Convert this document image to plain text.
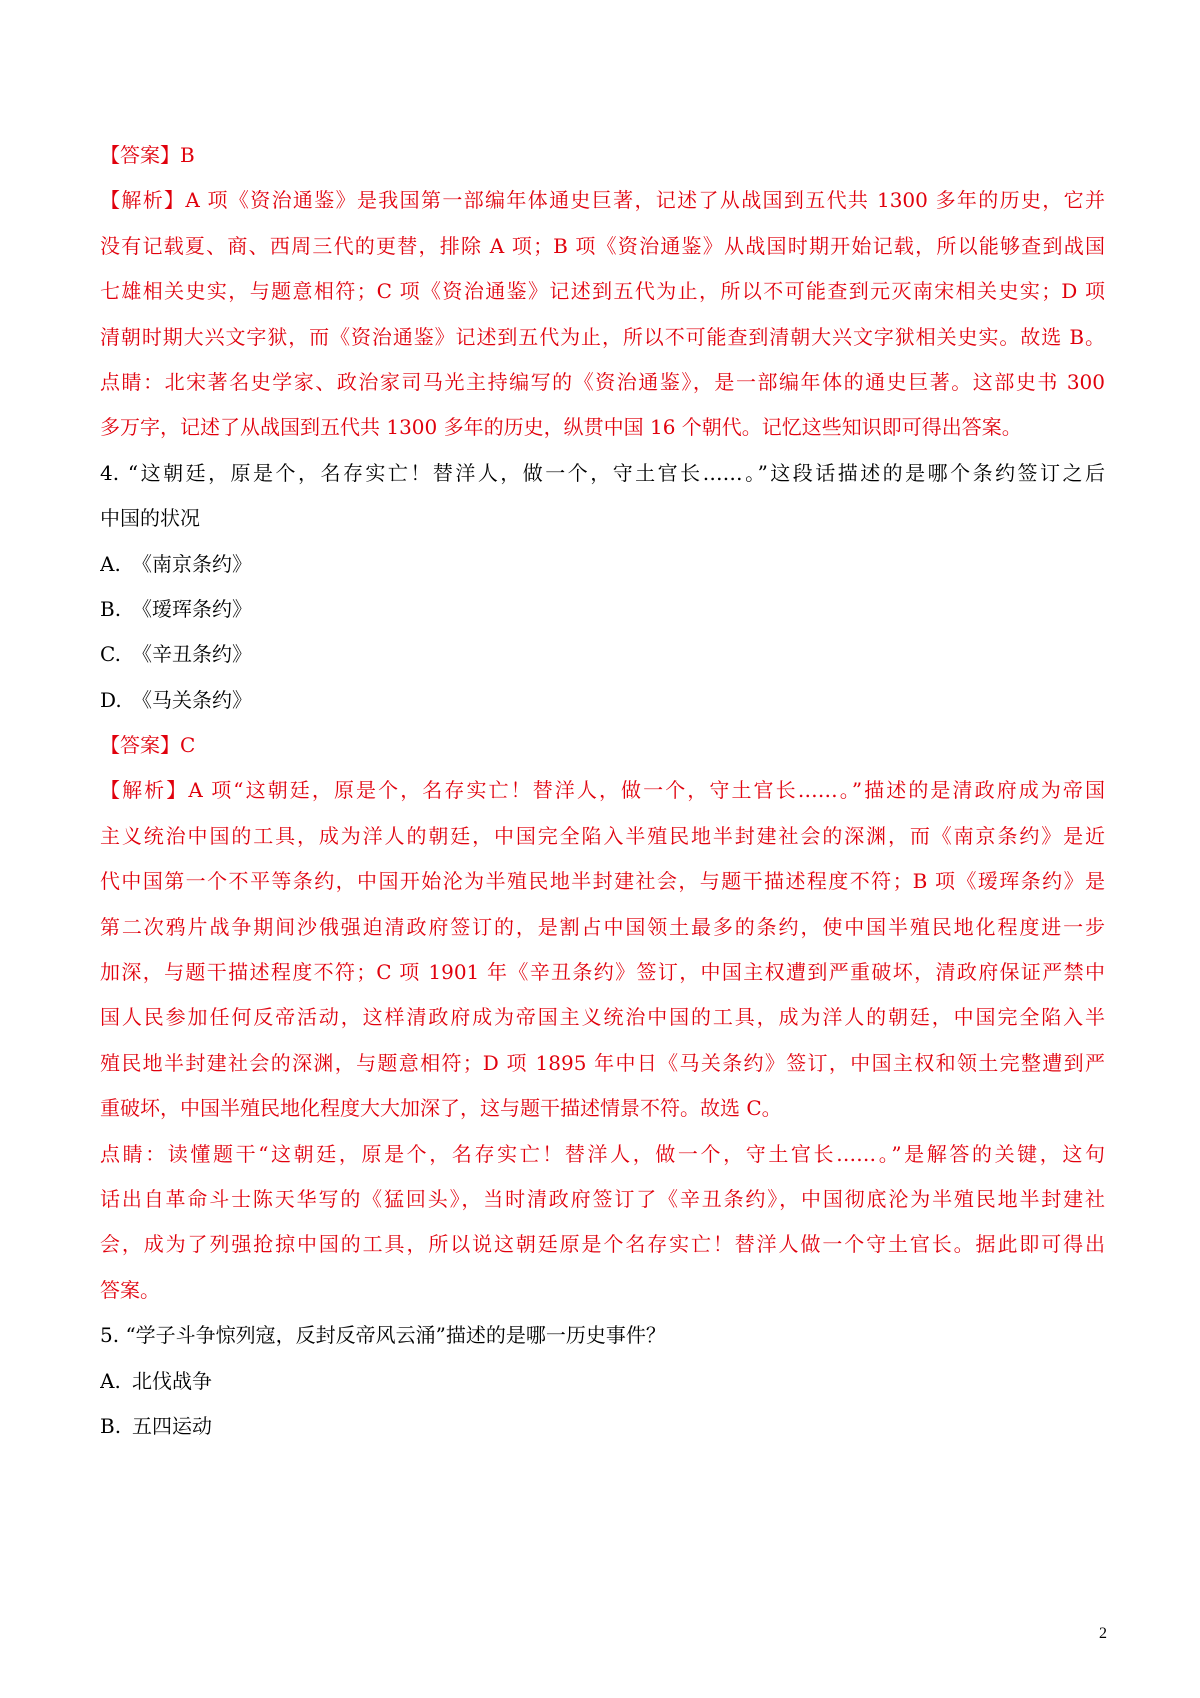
【答案】B
【解析】A 项《资治通鉴》是我国第一部编年体通史巨著，记述了从战国到五代共 1300 多年的历史，它并
没有记载夏、商、西周三代的更替，排除 A 项；B 项《资治通鉴》从战国时期开始记载，所以能够查到战国
七雄相关史实，与题意相符；C 项《资治通鉴》记述到五代为止，所以不可能查到元灭南宋相关史实；D 项
清朝时期大兴文字狱，而《资治通鉴》记述到五代为止，所以不可能查到清朝大兴文字狱相关史实。故选 B。
点睛：北宋著名史学家、政治家司马光主持编写的《资治通鉴》，是一部编年体的通史巨著。这部史书 300
多万字，记述了从战国到五代共 1300 多年的历史，纵贯中国 16 个朝代。记忆这些知识即可得出答案。
4. “这朝廷，原是个，名存实亡！替洋人，做一个，守土官长……。”这段话描述的是哪个条约签订之后
中国的状况
A. 《南京条约》
B. 《瑷珲条约》
C. 《辛丑条约》
D. 《马关条约》
【答案】C
【解析】A 项“这朝廷，原是个，名存实亡！替洋人，做一个，守土官长……。”描述的是清政府成为帝国
主义统治中国的工具，成为洋人的朝廷，中国完全陷入半殖民地半封建社会的深渊，而《南京条约》是近
代中国第一个不平等条约，中国开始沦为半殖民地半封建社会，与题干描述程度不符；B 项《瑷珲条约》是
第二次鸦片战争期间沙俄强迫清政府签订的，是割占中国领土最多的条约，使中国半殖民地化程度进一步
加深，与题干描述程度不符；C 项 1901 年《辛丑条约》签订，中国主权遭到严重破坏，清政府保证严禁中
国人民参加任何反帝活动，这样清政府成为帝国主义统治中国的工具，成为洋人的朝廷，中国完全陷入半
殖民地半封建社会的深渊，与题意相符；D 项 1895 年中日《马关条约》签订，中国主权和领土完整遭到严
重破坏，中国半殖民地化程度大大加深了，这与题干描述情景不符。故选 C。
点睛：读懂题干“这朝廷，原是个，名存实亡！替洋人，做一个，守土官长……。”是解答的关键，这句
话出自革命斗士陈天华写的《猛回头》，当时清政府签订了《辛丑条约》，中国彻底沦为半殖民地半封建社
会，成为了列强抢掠中国的工具，所以说这朝廷原是个名存实亡！替洋人做一个守土官长。据此即可得出
答案。
5. “学子斗争惊列寇，反封反帝风云涌”描述的是哪一历史事件？
A. 北伐战争
B. 五四运动
2
